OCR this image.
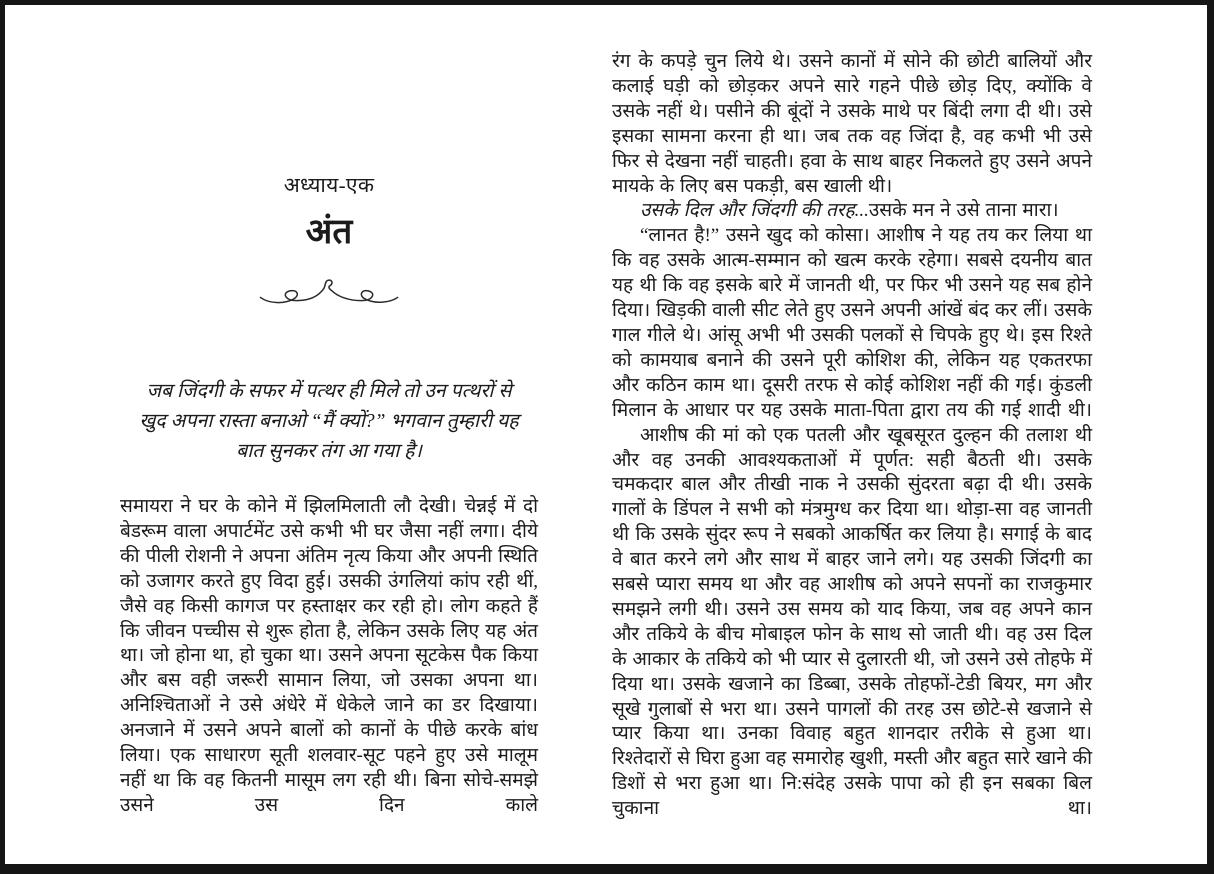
अध्याय-एक
अंत
जब जिंदगी के सफर में पत्थर ही मिले तो उन पत्थरों से
खुद अपना रास्ता बनाओ “मैं क्यों?” भगवान तुम्हारी यह
बात सुनकर तंग आ गया है।
समायरा ने घर के कोने में झिलमिलाती लौ देखी। चेन्नई में दो बेडरूम वाला अपार्टमेंट उसे कभी भी घर जैसा नहीं लगा। दीये की पीली रोशनी ने अपना अंतिम नृत्य किया और अपनी स्थिति को उजागर करते हुए विदा हुई। उसकी उंगलियां कांप रही थीं, जैसे वह किसी कागज पर हस्ताक्षर कर रही हो। लोग कहते हैं कि जीवन पच्चीस से शुरू होता है, लेकिन उसके लिए यह अंत था। जो होना था, हो चुका था। उसने अपना सूटकेस पैक किया और बस वही जरूरी सामान लिया, जो उसका अपना था। अनिश्चिताओं ने उसे अंधेरे में धेकेले जाने का डर दिखाया। अनजाने में उसने अपने बालों को कानों के पीछे करके बांध लिया। एक साधारण सूती शलवार-सूट पहने हुए उसे मालूम नहीं था कि वह कितनी मासूम लग रही थी। बिना सोचे-समझे उसने उस दिन काले

रंग के कपड़े चुन लिये थे। उसने कानों में सोने की छोटी बालियों और कलाई घड़ी को छोड़कर अपने सारे गहने पीछे छोड़ दिए, क्योंकि वे उसके नहीं थे। पसीने की बूंदों ने उसके माथे पर बिंदी लगा दी थी। उसे इसका सामना करना ही था। जब तक वह जिंदा है, वह कभी भी उसे फिर से देखना नहीं चाहती। हवा के साथ बाहर निकलते हुए उसने अपने मायके के लिए बस पकड़ी, बस खाली थी।

उसके दिल और जिंदगी की तरह...उसके मन ने उसे ताना मारा।

“लानत है!” उसने खुद को कोसा। आशीष ने यह तय कर लिया था कि वह उसके आत्म-सम्मान को खत्म करके रहेगा। सबसे दयनीय बात यह थी कि वह इसके बारे में जानती थी, पर फिर भी उसने यह सब होने दिया। खिड़की वाली सीट लेते हुए उसने अपनी आंखें बंद कर लीं। उसके गाल गीले थे। आंसू अभी भी उसकी पलकों से चिपके हुए थे। इस रिश्ते को कामयाब बनाने की उसने पूरी कोशिश की, लेकिन यह एकतरफा और कठिन काम था। दूसरी तरफ से कोई कोशिश नहीं की गई। कुंडली मिलान के आधार पर यह उसके माता-पिता द्वारा तय की गई शादी थी।

आशीष की मां को एक पतली और खूबसूरत दुल्हन की तलाश थी और वह उनकी आवश्यकताओं में पूर्णत: सही बैठती थी। उसके चमकदार बाल और तीखी नाक ने उसकी सुंदरता बढ़ा दी थी। उसके गालों के डिंपल ने सभी को मंत्रमुग्ध कर दिया था। थोड़ा-सा वह जानती थी कि उसके सुंदर रूप ने सबको आकर्षित कर लिया है। सगाई के बाद वे बात करने लगे और साथ में बाहर जाने लगे। यह उसकी जिंदगी का सबसे प्यारा समय था और वह आशीष को अपने सपनों का राजकुमार समझने लगी थी। उसने उस समय को याद किया, जब वह अपने कान और तकिये के बीच मोबाइल फोन के साथ सो जाती थी। वह उस दिल के आकार के तकिये को भी प्यार से दुलारती थी, जो उसने उसे तोहफे में दिया था। उसके खजाने का डिब्बा, उसके तोहफों-टेडी बियर, मग और सूखे गुलाबों से भरा था। उसने पागलों की तरह उस छोटे-से खजाने से प्यार किया था। उनका विवाह बहुत शानदार तरीके से हुआ था। रिश्तेदारों से घिरा हुआ वह समारोह खुशी, मस्ती और बहुत सारे खाने की डिशों से भरा हुआ था। नि:संदेह उसके पापा को ही इन सबका बिल चुकाना था।
